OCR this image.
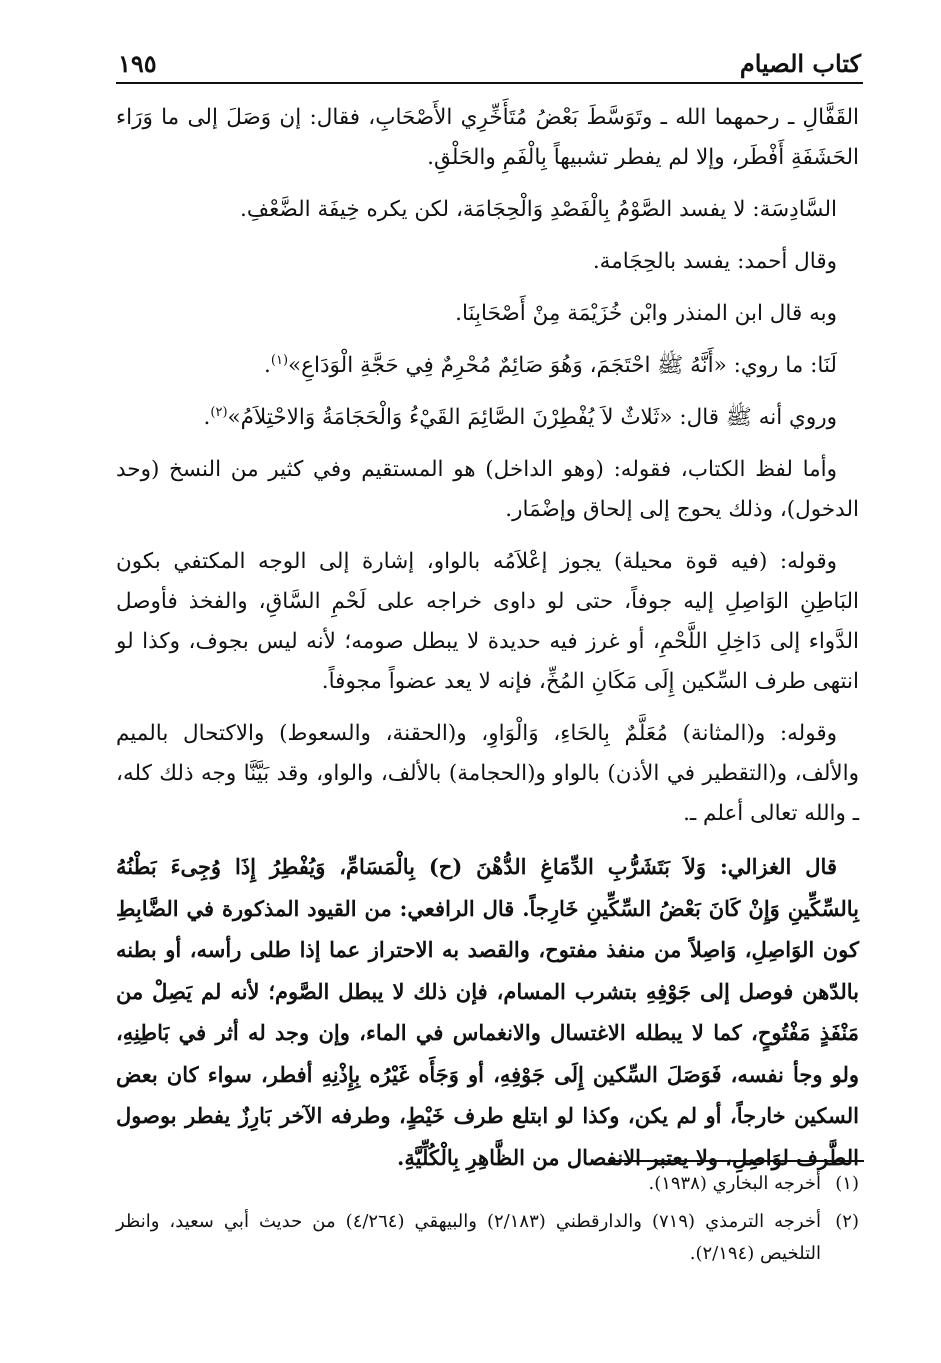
كتاب الصيام
١٩٥

القَفَّالِ ـ رحمهما الله ـ وتَوَسَّطَ بَعْضُ مُتَأَخِّرِي الأَصْحَابِ، فقال: إن وَصَلَ إلى ما وَرَاء الحَشَفَةِ أَفْطَر، وإلا لم يفطر تشبيهاً بِالْفَمِ والحَلْقِ.

السَّادِسَة: لا يفسد الصَّوْمُ بِالْفَصْدِ وَالْحِجَامَة، لكن يكره خِيفَة الضَّعْفِ.

وقال أحمد: يفسد بالحِجَامة.

وبه قال ابن المنذر وابْن خُزَيْمَة مِنْ أَصْحَابِنَا.

لَنَا: ما روي: «أَنَّهُ ﷺ احْتَجَمَ، وَهُوَ صَائِمٌ مُحْرِمٌ فِي حَجَّةِ الْوَدَاعِ»$^{(١)}$.

وروي أنه ﷺ قال: «ثَلاثٌ لاَ يُفْطِرْنَ الصَّائِمَ القَيْءُ وَالْحَجَامَةُ وَالاحْتِلاَمُ»$^{(٢)}$.

وأما لفظ الكتاب، فقوله: (وهو الداخل) هو المستقيم وفي كثير من النسخ (وحد الدخول)، وذلك يحوج إلى إلحاق وإضْمَار.

وقوله: (فيه قوة محيلة) يجوز إعْلاَمُه بالواو، إشارة إلى الوجه المكتفي بكون البَاطِنِ الوَاصِلِ إليه جوفاً، حتى لو داوى خراجه على لَحْمِ السَّاقِ، والفخذ فأوصل الدَّواء إلى دَاخِلِ اللَّحْمِ، أو غرز فيه حديدة لا يبطل صومه؛ لأنه ليس بجوف، وكذا لو انتهى طرف السِّكين إِلَى مَكَانِ المُخِّ، فإنه لا يعد عضواً مجوفاً.

وقوله: و(المثانة) مُعَلَّمٌ بِالحَاءِ، وَالْوَاوِ، و(الحقنة، والسعوط) والاكتحال بالميم والألف، و(التقطير في الأذن) بالواو و(الحجامة) بالألف، والواو، وقد بَيَّنَّا وجه ذلك كله، ـ والله تعالى أعلم ـ.

قال الغزالي: وَلاَ بَتَشَرُّبِ الدِّمَاغِ الدُّهْنَ (ح) بِالْمَسَامِّ، وَيُفْطِرُ إِذَا وُجِىءَ بَطْنُهُ بِالسِّكِّينِ وَإِنْ كَانَ بَعْضُ السِّكِّينِ خَارِجاً. قال الرافعي: من القيود المذكورة في الضَّابِطِ كون الوَاصِلِ، وَاصِلاً من منفذ مفتوح، والقصد به الاحتراز عما إذا طلى رأسه، أو بطنه بالدّهن فوصل إلى جَوْفِهِ بتشرب المسام، فإن ذلك لا يبطل الصَّوم؛ لأنه لم يَصِلْ من مَنْفَذٍ مَفْتُوحٍ، كما لا يبطله الاغتسال والانغماس في الماء، وإن وجد له أثر في بَاطِنِهِ، ولو وجأ نفسه، فَوَصَلَ السِّكين إِلَى جَوْفِهِ، أو وَجَأَه غَيْرُه بِإِذْنِهِ أفطر، سواء كان بعض السكين خارجاً، أو لم يكن، وكذا لو ابتلع طرف خَيْطٍ، وطرفه الآخر بَارِزٌ يفطر بوصول الطَّرف لوَاصِلِ، ولا يعتبر الانفصال من الظَّاهِرِ بِالْكُلِّيَّةِ.

(١)
أخرجه البخاري (١٩٣٨).
(٢)
أخرجه الترمذي (٧١٩) والدارقطني (٢/١٨٣) والبيهقي (٤/٢٦٤) من حديث أبي سعيد، وانظر التلخيص (٢/١٩٤).
